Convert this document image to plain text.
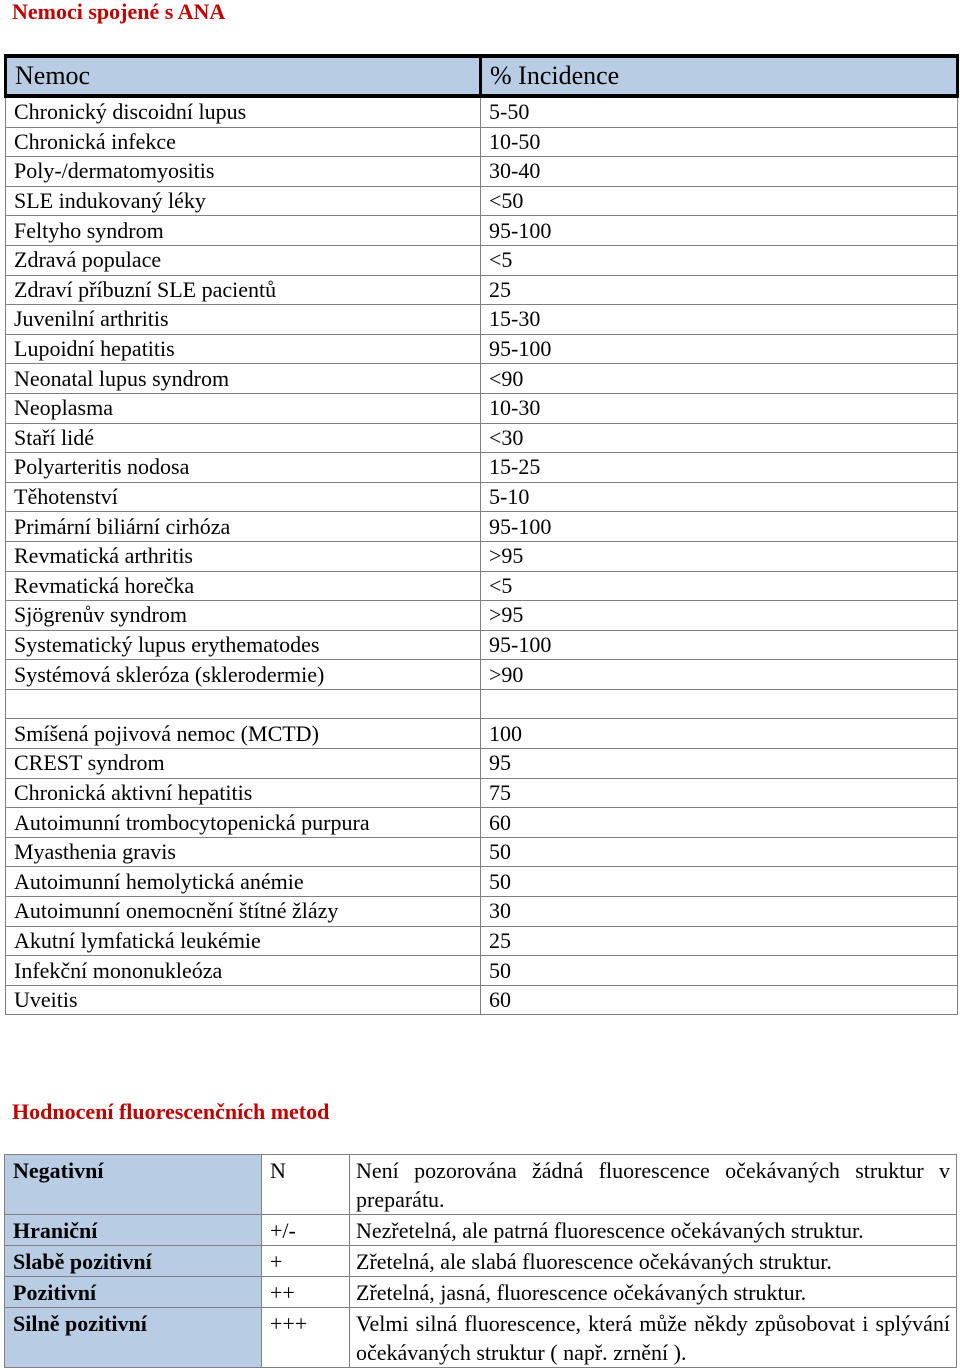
Nemoci spojené s ANA
Nemoc	% Incidence
Chronický discoidní lupus	5-50
Chronická infekce	10-50
Poly-/dermatomyositis	30-40
SLE indukovaný léky	<50
Feltyho syndrom	95-100
Zdravá populace	<5
Zdraví příbuzní SLE pacientů	25
Juvenilní arthritis	15-30
Lupoidní hepatitis	95-100
Neonatal lupus syndrom	<90
Neoplasma	10-30
Staří lidé	<30
Polyarteritis nodosa	15-25
Těhotenství	5-10
Primární biliární cirhóza	95-100
Revmatická arthritis	>95
Revmatická horečka	<5
Sjögrenův syndrom	>95
Systematický lupus erythematodes	95-100
Systémová skleróza (sklerodermie)	>90

Smíšená pojivová nemoc (MCTD)	100
CREST syndrom	95
Chronická aktivní hepatitis	75
Autoimunní trombocytopenická purpura	60
Myasthenia gravis	50
Autoimunní hemolytická anémie	50
Autoimunní onemocnění štítné žlázy	30
Akutní lymfatická leukémie	25
Infekční mononukleóza	50
Uveitis	60
Hodnocení fluorescenčních metod
Negativní	N	Není pozorována žádná fluorescence očekávaných struktur v preparátu.
Hraniční	+/-	Nezřetelná, ale patrná fluorescence očekávaných struktur.
Slabě pozitivní	+	Zřetelná, ale slabá fluorescence očekávaných struktur.
Pozitivní	++	Zřetelná, jasná, fluorescence očekávaných struktur.
Silně pozitivní	+++	Velmi silná fluorescence, která může někdy způsobovat i splývání očekávaných struktur ( např. zrnění ).
